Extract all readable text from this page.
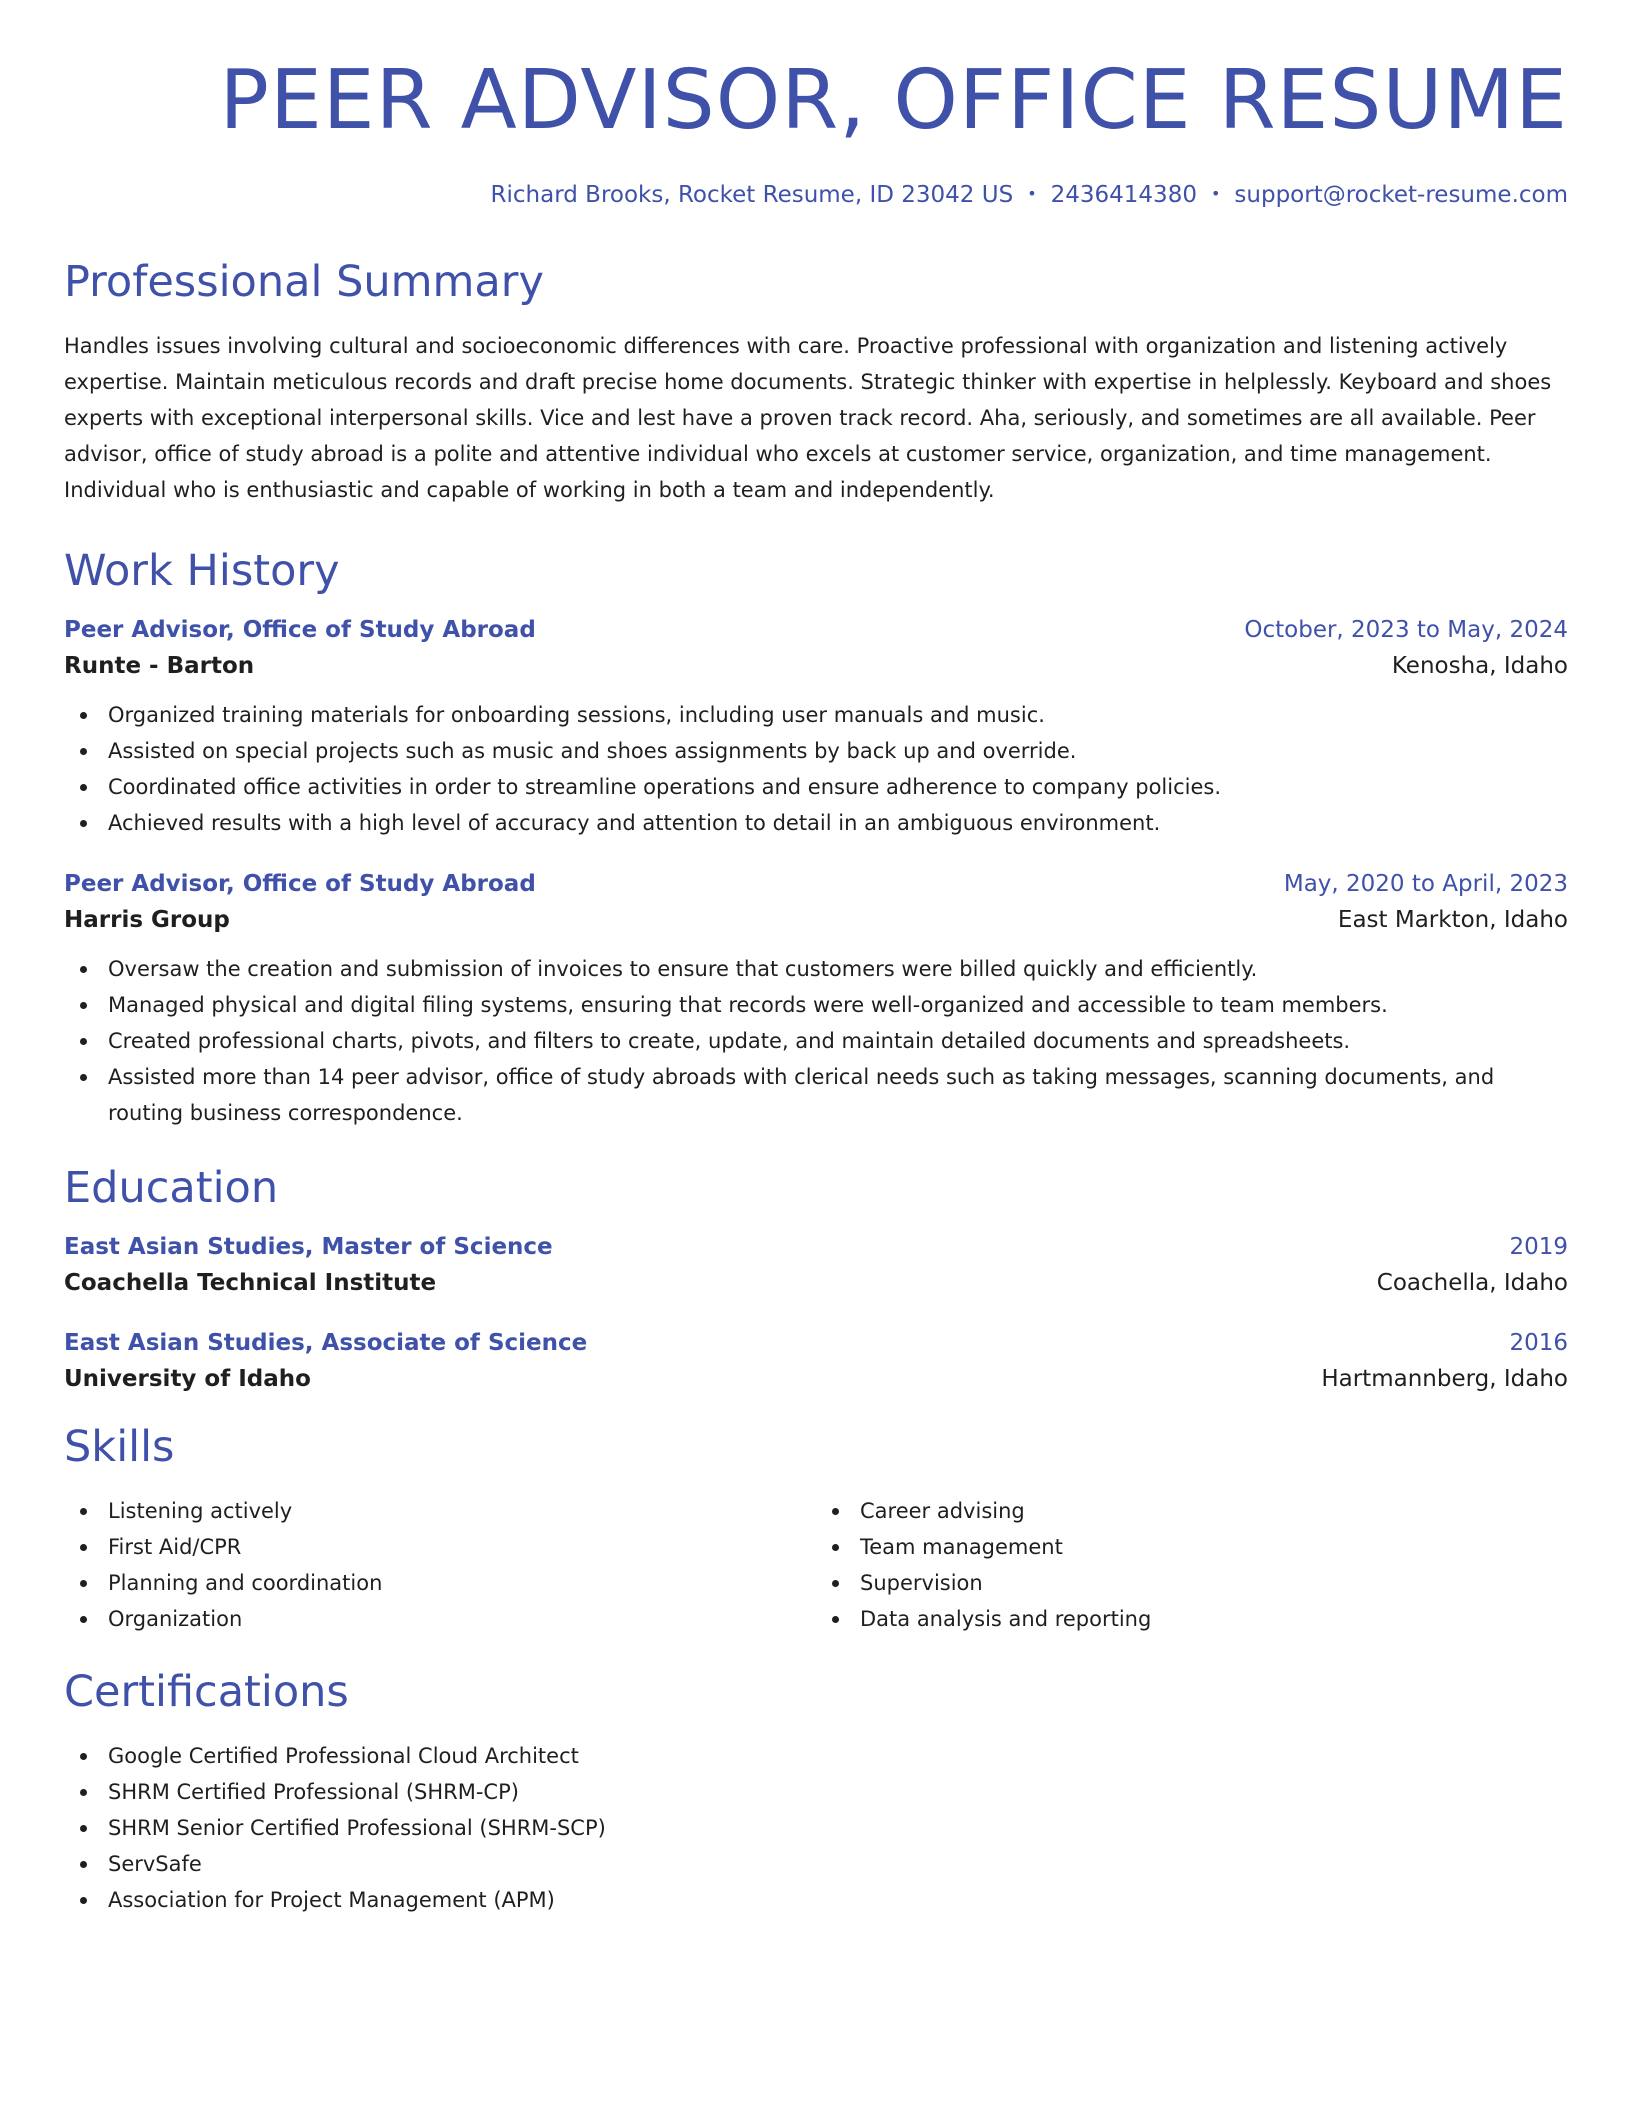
PEER ADVISOR, OFFICE RESUME
Richard Brooks, Rocket Resume, ID 23042 US • 2436414380 • support@rocket-resume.com
Professional Summary

Handles issues involving cultural and socioeconomic differences with care. Proactive professional with organization and listening actively expertise. Maintain meticulous records and draft precise home documents. Strategic thinker with expertise in helplessly. Keyboard and shoes experts with exceptional interpersonal skills. Vice and lest have a proven track record. Aha, seriously, and sometimes are all available. Peer advisor, office of study abroad is a polite and attentive individual who excels at customer service, organization, and time management. Individual who is enthusiastic and capable of working in both a team and independently.

Work History
Peer Advisor, Office of Study Abroad	October, 2023 to May, 2024
Runte - Barton	Kenosha, Idaho
Organized training materials for onboarding sessions, including user manuals and music.
Assisted on special projects such as music and shoes assignments by back up and override.
Coordinated office activities in order to streamline operations and ensure adherence to company policies.
Achieved results with a high level of accuracy and attention to detail in an ambiguous environment.
Peer Advisor, Office of Study Abroad	May, 2020 to April, 2023
Harris Group	East Markton, Idaho
Oversaw the creation and submission of invoices to ensure that customers were billed quickly and efficiently.
Managed physical and digital filing systems, ensuring that records were well-organized and accessible to team members.
Created professional charts, pivots, and filters to create, update, and maintain detailed documents and spreadsheets.
Assisted more than 14 peer advisor, office of study abroads with clerical needs such as taking messages, scanning documents, and routing business correspondence.
Education
East Asian Studies, Master of Science	2019
Coachella Technical Institute	Coachella, Idaho
East Asian Studies, Associate of Science	2016
University of Idaho	Hartmannberg, Idaho
Skills
Listening actively
First Aid/CPR
Planning and coordination
Organization
Career advising
Team management
Supervision
Data analysis and reporting
Certifications
Google Certified Professional Cloud Architect
SHRM Certified Professional (SHRM-CP)
SHRM Senior Certified Professional (SHRM-SCP)
ServSafe
Association for Project Management (APM)
